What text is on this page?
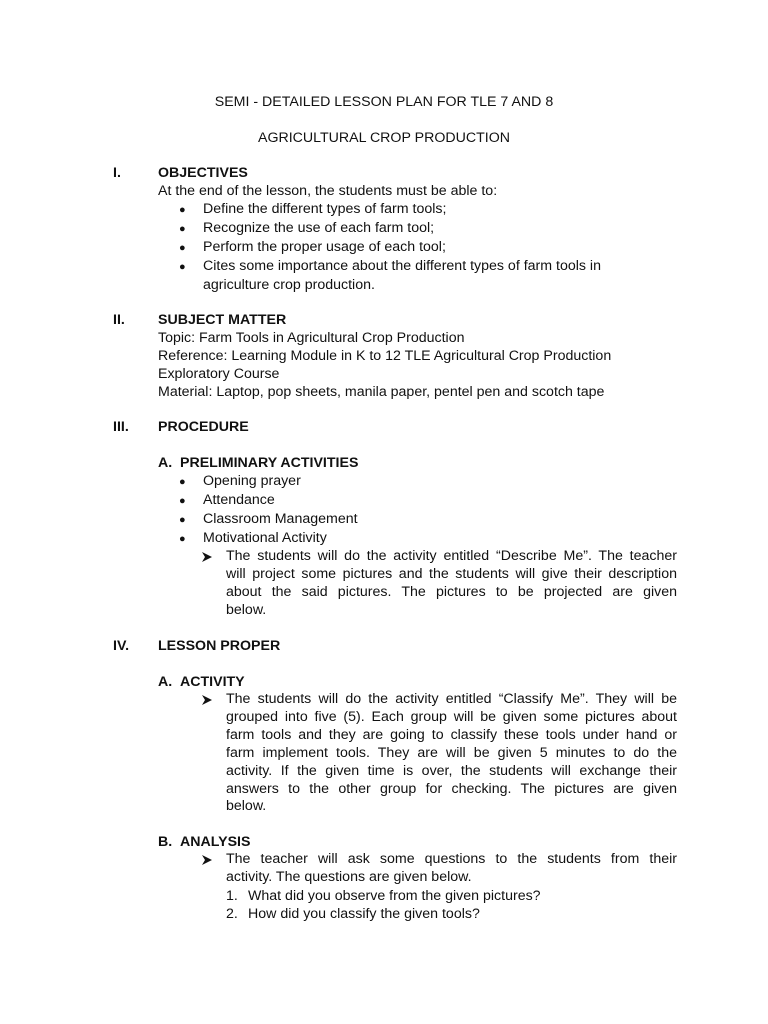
SEMI - DETAILED LESSON PLAN FOR TLE 7 AND 8
AGRICULTURAL CROP PRODUCTION
I.	OBJECTIVES
At the end of the lesson, the students must be able to:
● Define the different types of farm tools;
● Recognize the use of each farm tool;
● Perform the proper usage of each tool;
● Cites some importance about the different types of farm tools in
agriculture crop production.
II. SUBJECT MATTER
Topic: Farm Tools in Agricultural Crop Production
Reference: Learning Module in K to 12 TLE Agricultural Crop Production
Exploratory Course
Material: Laptop, pop sheets, manila paper, pentel pen and scotch tape
III. PROCEDURE
A. PRELIMINARY ACTIVITIES
● Opening prayer
● Attendance
● Classroom Management
● Motivational Activity
The students will do the activity entitled “Describe Me”. The teacher
will project some pictures and the students will give their description
about the said pictures. The pictures to be projected are given
below.
IV. LESSON PROPER
A. ACTIVITY
The students will do the activity entitled “Classify Me”. They will be
grouped into five (5). Each group will be given some pictures about
farm tools and they are going to classify these tools under hand or
farm implement tools. They are will be given 5 minutes to do the
activity. If the given time is over, the students will exchange their
answers to the other group for checking. The pictures are given
below.
B. ANALYSIS
The teacher will ask some questions to the students from their
activity. The questions are given below.
1. What did you observe from the given pictures?
2. How did you classify the given tools?
